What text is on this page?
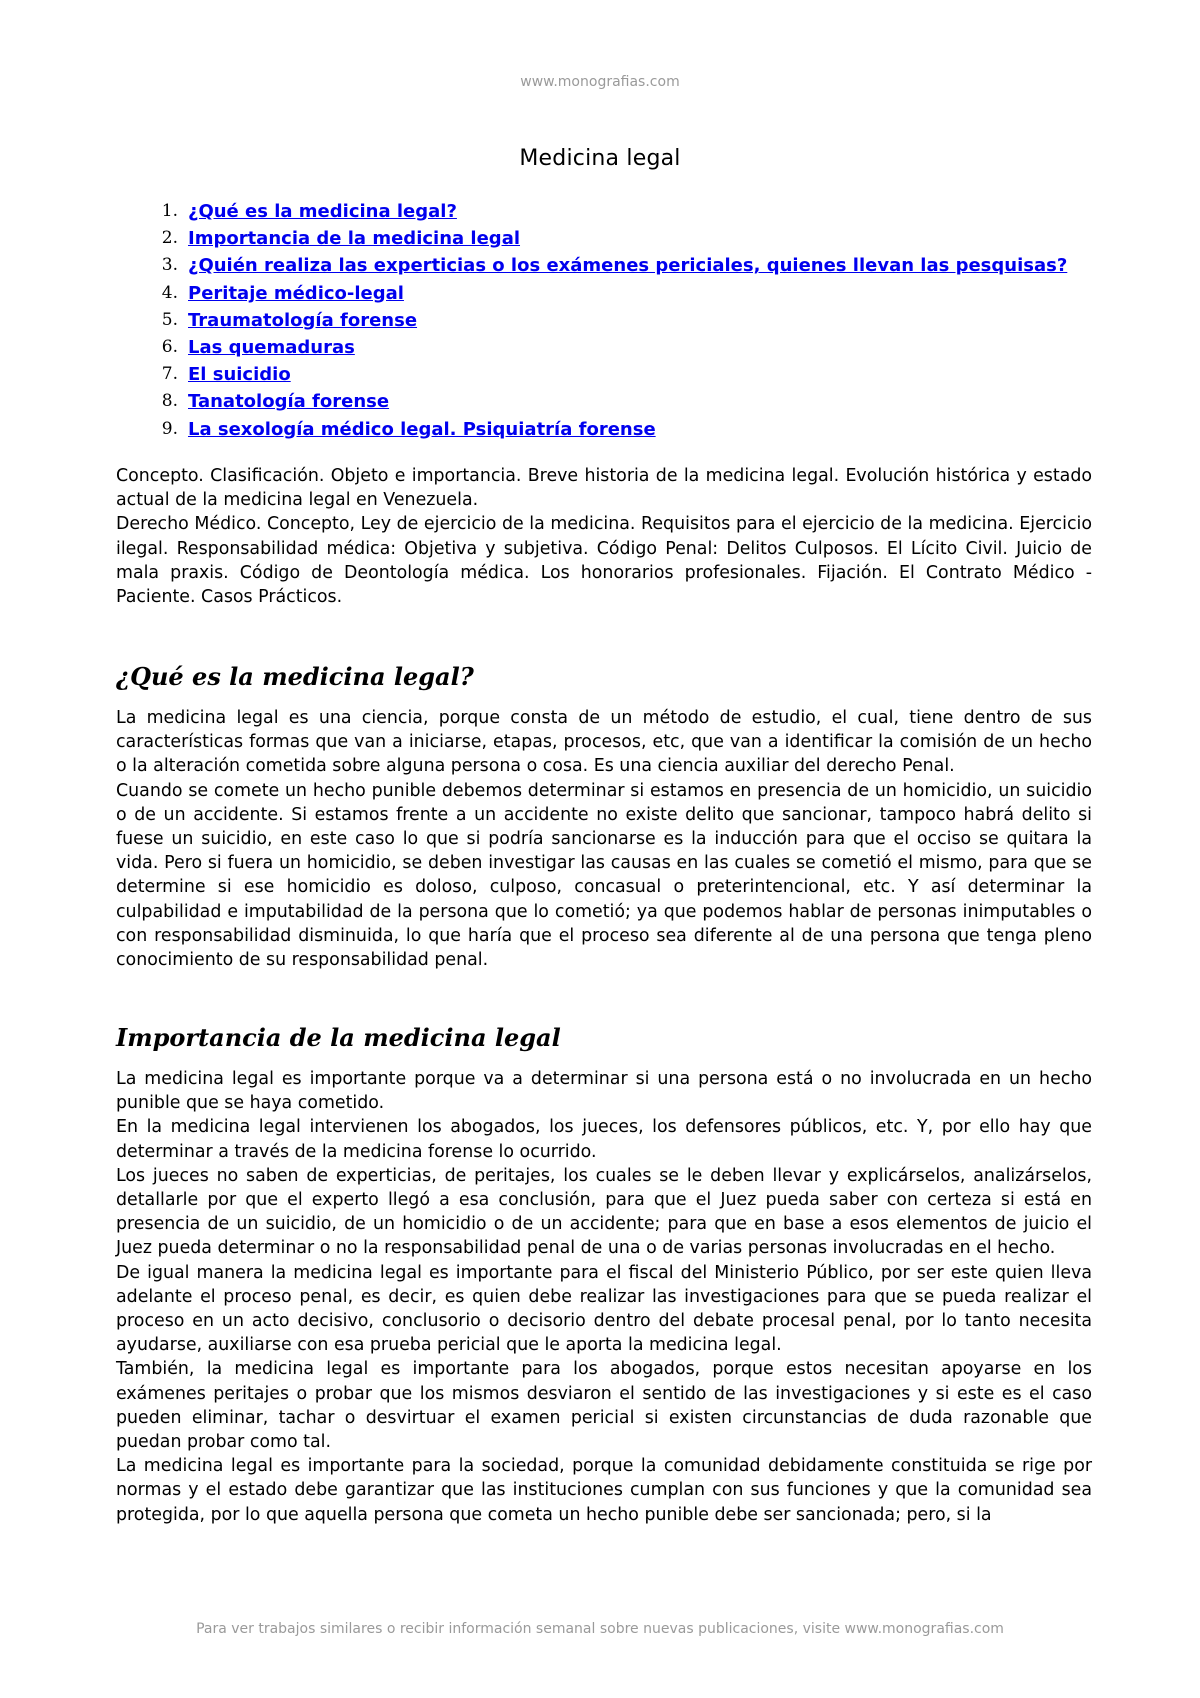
www.monografias.com
Medicina legal
1. ¿Qué es la medicina legal?
2. Importancia de la medicina legal
3. ¿Quién realiza las experticias o los exámenes periciales, quienes llevan las pesquisas?
4. Peritaje médico-legal
5. Traumatología forense
6. Las quemaduras
7. El suicidio
8. Tanatología forense
9. La sexología médico legal. Psiquiatría forense

Concepto. Clasificación. Objeto e importancia. Breve historia de la medicina legal. Evolución histórica y estado actual de la medicina legal en Venezuela.

Derecho Médico. Concepto, Ley de ejercicio de la medicina. Requisitos para el ejercicio de la medicina. Ejercicio ilegal. Responsabilidad médica: Objetiva y subjetiva. Código Penal: Delitos Culposos. El Lícito Civil. Juicio de mala praxis. Código de Deontología médica. Los honorarios profesionales. Fijación. El Contrato Médico - Paciente. Casos Prácticos.

¿Qué es la medicina legal?

La medicina legal es una ciencia, porque consta de un método de estudio, el cual, tiene dentro de sus características formas que van a iniciarse, etapas, procesos, etc, que van a identificar la comisión de un hecho o la alteración cometida sobre alguna persona o cosa. Es una ciencia auxiliar del derecho Penal.

Cuando se comete un hecho punible debemos determinar si estamos en presencia de un homicidio, un suicidio o de un accidente. Si estamos frente a un accidente no existe delito que sancionar, tampoco habrá delito si fuese un suicidio, en este caso lo que si podría sancionarse es la inducción para que el occiso se quitara la vida. Pero si fuera un homicidio, se deben investigar las causas en las cuales se cometió el mismo, para que se determine si ese homicidio es doloso, culposo, concasual o preterintencional, etc. Y así determinar la culpabilidad e imputabilidad de la persona que lo cometió; ya que podemos hablar de personas inimputables o con responsabilidad disminuida, lo que haría que el proceso sea diferente al de una persona que tenga pleno conocimiento de su responsabilidad penal.

Importancia de la medicina legal

La medicina legal es importante porque va a determinar si una persona está o no involucrada en un hecho punible que se haya cometido.

En la medicina legal intervienen los abogados, los jueces, los defensores públicos, etc. Y, por ello hay que determinar a través de la medicina forense lo ocurrido.

Los jueces no saben de experticias, de peritajes, los cuales se le deben llevar y explicárselos, analizárselos, detallarle por que el experto llegó a esa conclusión, para que el Juez pueda saber con certeza si está en presencia de un suicidio, de un homicidio o de un accidente; para que en base a esos elementos de juicio el Juez pueda determinar o no la responsabilidad penal de una o de varias personas involucradas en el hecho.

De igual manera la medicina legal es importante para el fiscal del Ministerio Público, por ser este quien lleva adelante el proceso penal, es decir, es quien debe realizar las investigaciones para que se pueda realizar el proceso en un acto decisivo, conclusorio o decisorio dentro del debate procesal penal, por lo tanto necesita ayudarse, auxiliarse con esa prueba pericial que le aporta la medicina legal.

También, la medicina legal es importante para los abogados, porque estos necesitan apoyarse en los exámenes peritajes o probar que los mismos desviaron el sentido de las investigaciones y si este es el caso pueden eliminar, tachar o desvirtuar el examen pericial si existen circunstancias de duda razonable que puedan probar como tal.

La medicina legal es importante para la sociedad, porque la comunidad debidamente constituida se rige por normas y el estado debe garantizar que las instituciones cumplan con sus funciones y que la comunidad sea protegida, por lo que aquella persona que cometa un hecho punible debe ser sancionada; pero, si la

Para ver trabajos similares o recibir información semanal sobre nuevas publicaciones, visite www.monografias.com
